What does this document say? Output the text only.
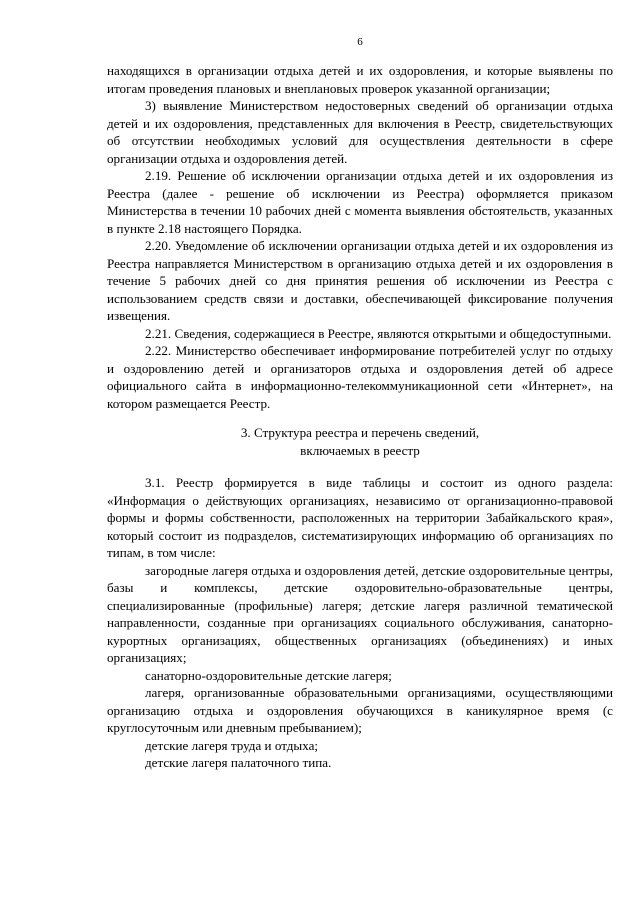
6

находящихся в организации отдыха детей и их оздоровления, и которые выявлены по итогам проведения плановых и внеплановых проверок указанной организации;

3) выявление Министерством недостоверных сведений об организации отдыха детей и их оздоровления, представленных для включения в Реестр, свидетельствующих об отсутствии необходимых условий для осуществления деятельности в сфере организации отдыха и оздоровления детей.

2.19. Решение об исключении организации отдыха детей и их оздоровления из Реестра (далее - решение об исключении из Реестра) оформляется приказом Министерства в течении 10 рабочих дней с момента выявления обстоятельств, указанных в пункте 2.18 настоящего Порядка.

2.20. Уведомление об исключении организации отдыха детей и их оздоровления из Реестра направляется Министерством в организацию отдыха детей и их оздоровления в течение 5 рабочих дней со дня принятия решения об исключении из Реестра с использованием средств связи и доставки, обеспечивающей фиксирование получения извещения.

2.21. Сведения, содержащиеся в Реестре, являются открытыми и общедоступными.

2.22. Министерство обеспечивает информирование потребителей услуг по отдыху и оздоровлению детей и организаторов отдыха и оздоровления детей об адресе официального сайта в информационно-телекоммуникационной сети «Интернет», на котором размещается Реестр.

3. Структура реестра и перечень сведений,
включаемых в реестр

3.1. Реестр формируется в виде таблицы и состоит из одного раздела: «Информация о действующих организациях, независимо от организационно-правовой формы и формы собственности, расположенных на территории Забайкальского края», который состоит из подразделов, систематизирующих информацию об организациях по типам, в том числе:

загородные лагеря отдыха и оздоровления детей, детские оздоровительные центры, базы и комплексы, детские оздоровительно-образовательные центры, специализированные (профильные) лагеря; детские лагеря различной тематической направленности, созданные при организациях социального обслуживания, санаторно-курортных организациях, общественных организациях (объединениях) и иных организациях;

санаторно-оздоровительные детские лагеря;

лагеря, организованные образовательными организациями, осуществляющими организацию отдыха и оздоровления обучающихся в каникулярное время (с круглосуточным или дневным пребыванием);

детские лагеря труда и отдыха;

детские лагеря палаточного типа.
